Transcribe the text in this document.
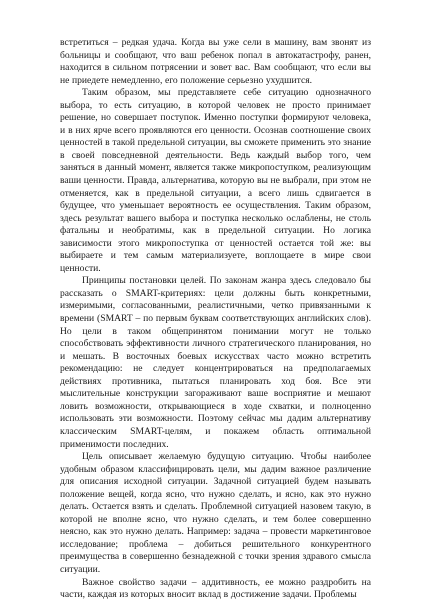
встретиться – редкая удача. Когда вы уже сели в машину, вам звонят из больницы и сообщают, что ваш ребенок попал в автокатастрофу, ранен, находится в сильном потрясении и зовет вас. Вам сообщают, что если вы не приедете немедленно, его положение серьезно ухудшится.

Таким образом, мы представляете себе ситуацию однозначного выбора, то есть ситуацию, в которой человек не просто принимает решение, но совершает поступок. Именно поступки формируют человека, и в них ярче всего проявляются его ценности. Осознав соотношение своих ценностей в такой предельной ситуации, вы сможете применить это знание в своей повседневной деятельности. Ведь каждый выбор того, чем заняться в данный момент, является также микропоступком, реализующим ваши ценности. Правда, альтернатива, которую вы не выбрали, при этом не отменяется, как в предельной ситуации, а всего лишь сдвигается в будущее, что уменьшает вероятность ее осуществления. Таким образом, здесь результат вашего выбора и поступка несколько ослаблены, не столь фатальны и необратимы, как в предельной ситуации. Но логика зависимости этого микропоступка от ценностей остается той же: вы выбираете и тем самым материализуете, воплощаете в мире свои ценности.

Принципы постановки целей. По законам жанра здесь следовало бы рассказать о SMART-критериях: цели должны быть конкретными, измеримыми, согласованными, реалистичными, четко привязанными к времени (SMART – по первым буквам соответствующих английских слов). Но цели в таком общепринятом понимании могут не только способствовать эффективности личного стратегического планирования, но и мешать. В восточных боевых искусствах часто можно встретить рекомендацию: не следует концентрироваться на предполагаемых действиях противника, пытаться планировать ход боя. Все эти мыслительные конструкции загораживают ваше восприятие и мешают ловить возможности, открывающиеся в ходе схватки, и полноценно использовать эти возможности. Поэтому сейчас мы дадим альтернативу классическим SMART-целям, и покажем область оптимальной применимости последних.

Цель описывает желаемую будущую ситуацию. Чтобы наиболее удобным образом классифицировать цели, мы дадим важное различение для описания исходной ситуации. Задачной ситуацией будем называть положение вещей, когда ясно, что нужно сделать, и ясно, как это нужно делать. Остается взять и сделать. Проблемной ситуацией назовем такую, в которой не вполне ясно, что нужно сделать, и тем более совершенно неясно, как это нужно делать. Например: задача – провести маркетинговое исследование; проблема – добиться решительного конкурентного преимущества в совершенно безнадежной с точки зрения здравого смысла ситуации.

Важное свойство задачи – аддитивность, ее можно раздробить на части, каждая из которых вносит вклад в достижение задачи. Проблемы
